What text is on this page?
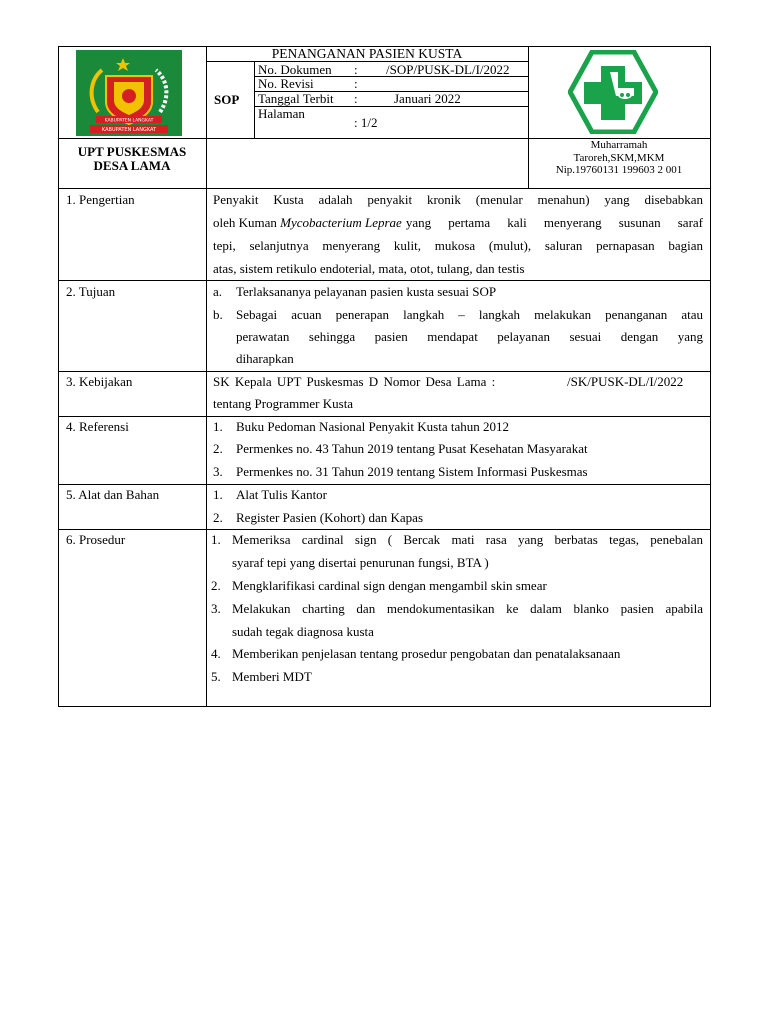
KABUPATEN LANGKAT
KABUPATEN LANGKAT
PENANGANAN PASIEN KUSTA
SOP
No. Dokumen : /SOP/PUSK-DL/I/2022
No. Revisi	:
Tanggal Terbit :	Januari 2022
Halaman
: 1/2
UPT PUSKESMAS
DESA LAMA
Muharramah
Taroreh,SKM,MKM
Nip.19760131 199603 2 001
1. Pengertian	Penyakit Kusta adalah penyakit kronik (menular menahun) yang disebabkan
oleh Kuman Mycobacterium Leprae yang pertama kali menyerang susunan saraf
tepi, selanjutnya menyerang kulit, mukosa (mulut), saluran pernapasan bagian
atas, sistem retikulo endoterial, mata, otot, tulang, dan testis
2. Tujuan	a. Terlaksananya pelayanan pasien kusta sesuai SOP
b. Sebagai acuan penerapan langkah – langkah melakukan penanganan atau
perawatan sehingga pasien mendapat pelayanan sesuai dengan yang
diharapkan
3. Kebijakan	SK Kepala UPT Puskesmas D Nomor Desa Lama :	/SK/PUSK-DL/I/2022
tentang Programmer Kusta
4. Referensi	1. Buku Pedoman Nasional Penyakit Kusta tahun 2012
2. Permenkes no. 43 Tahun 2019 tentang Pusat Kesehatan Masyarakat
3. Permenkes no. 31 Tahun 2019 tentang Sistem Informasi Puskesmas
5. Alat dan Bahan	1. Alat Tulis Kantor
2. Register Pasien (Kohort) dan Kapas
6. Prosedur	1. Memeriksa cardinal sign ( Bercak mati rasa yang berbatas tegas, penebalan
syaraf tepi yang disertai penurunan fungsi, BTA )
2. Mengklarifikasi cardinal sign dengan mengambil skin smear
3. Melakukan charting dan mendokumentasikan ke dalam blanko pasien apabila
sudah tegak diagnosa kusta
4. Memberikan penjelasan tentang prosedur pengobatan dan penatalaksanaan
5. Memberi MDT
